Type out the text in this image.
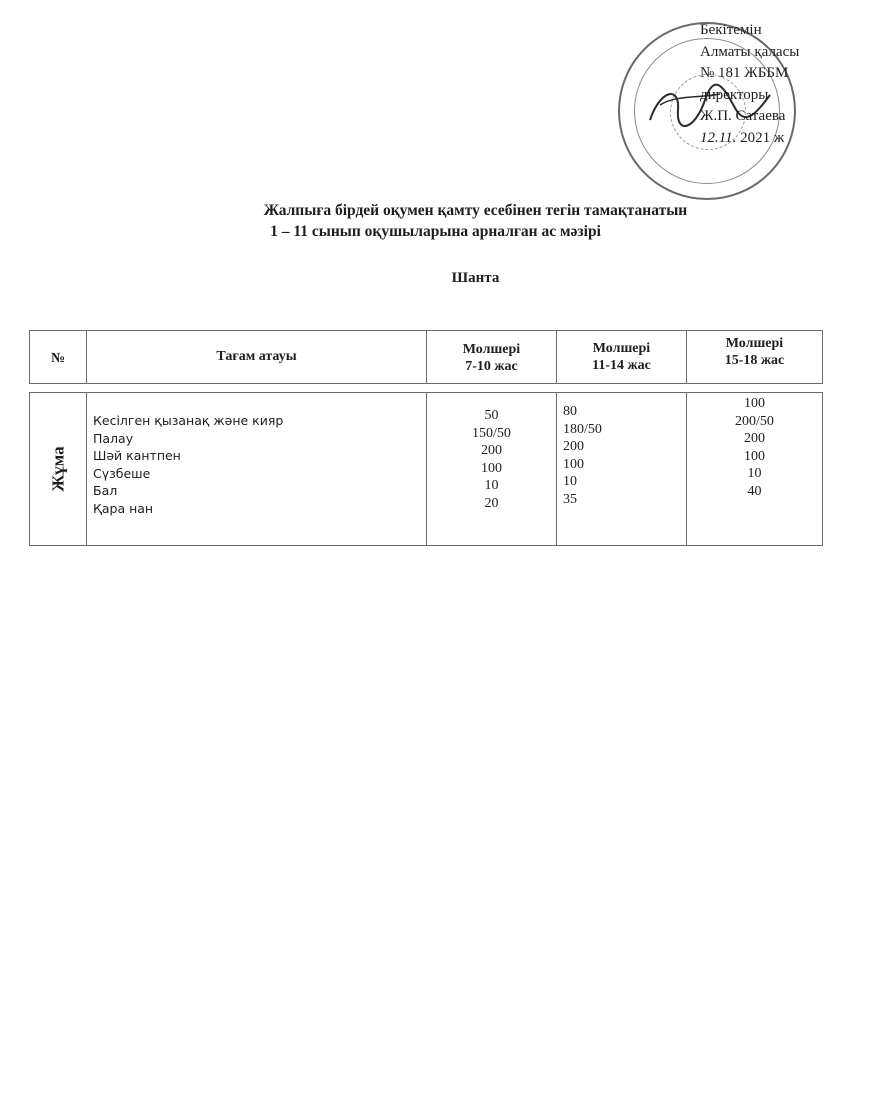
Бекітемін
Алматы қаласы
№ 181 ЖББМ
директоры
Ж.П. Сатаева
12.11. 2021 ж
Жалпыға бірдей оқумен қамту есебінен тегін тамақтанатын
1 – 11 сынып оқушыларына арналған ас мәзірі
Шанта
№	Тағам атауы	Молшері
7-10 жас
Молшері
11-14 жас
Молшері
15-18 жас
Жұма
Кесілген қызанақ және кияр
Палау
Шәй кантпен
Сүзбеше
Бал
Қара нан
50
150/50
200
100
10
20
80
180/50
200
100
10
35
100
200/50
200
100
10
40
